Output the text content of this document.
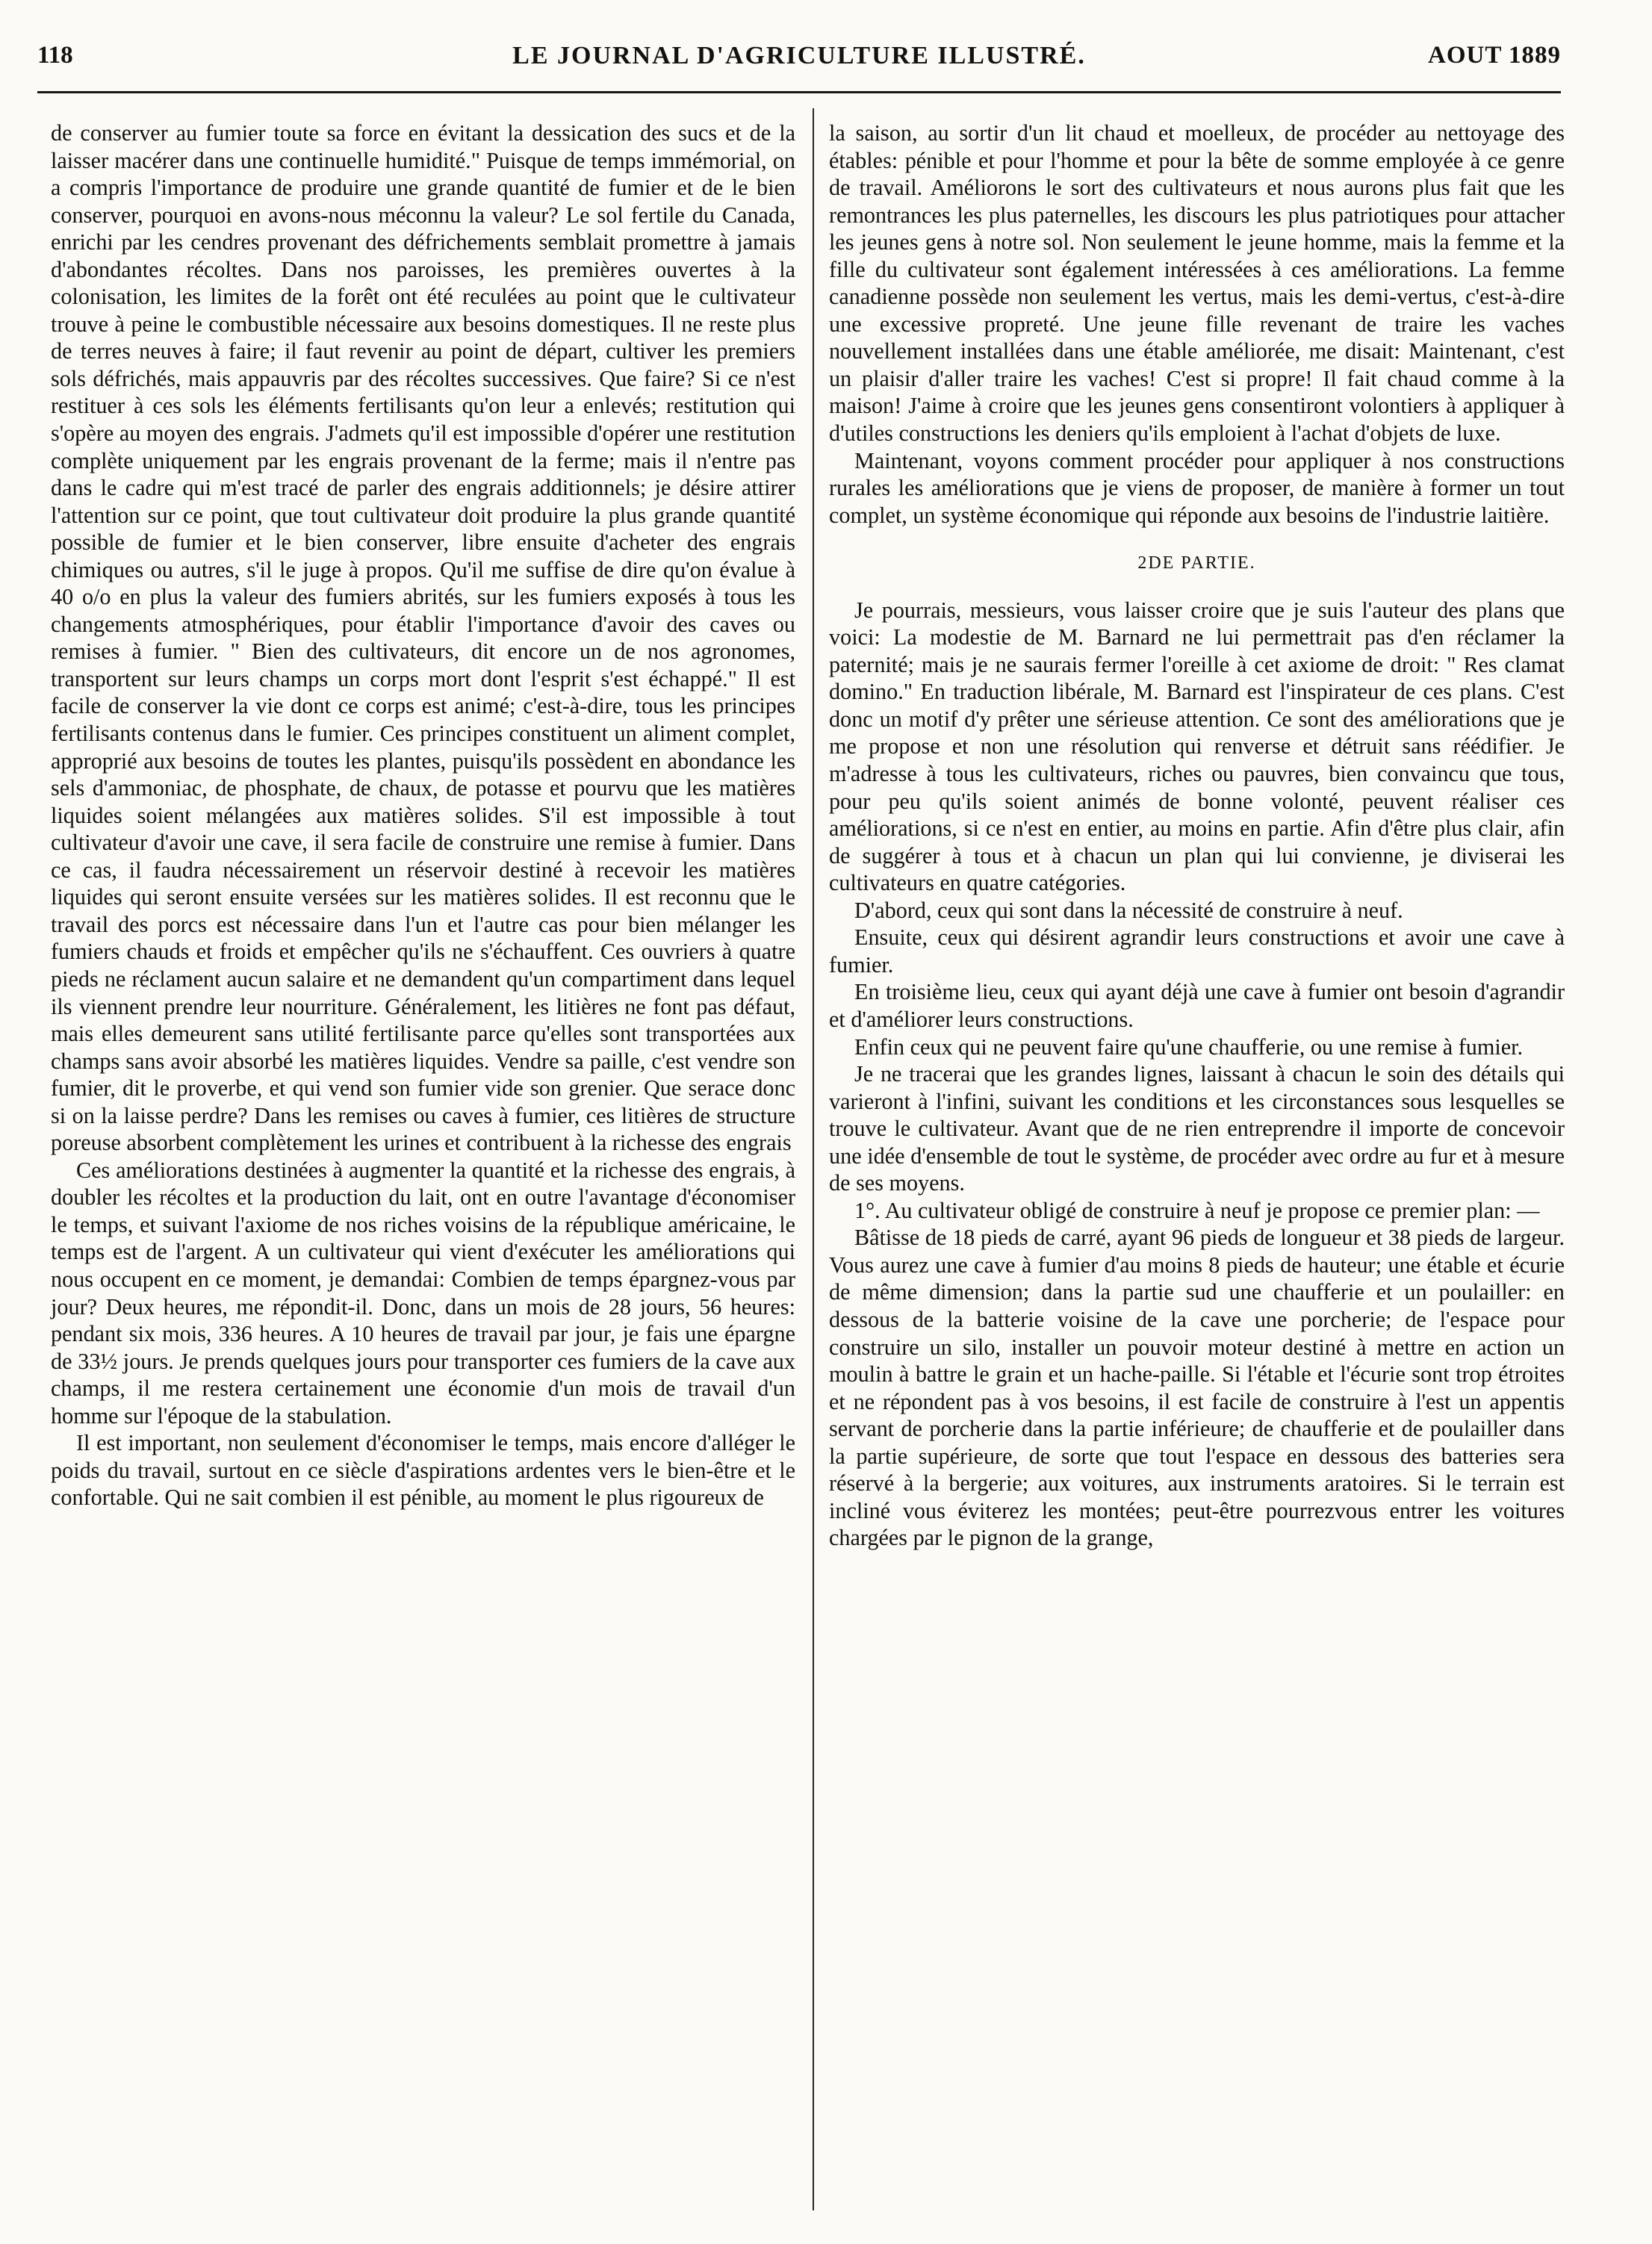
118	LE JOURNAL D'AGRICULTURE ILLUSTRÉ.	AOUT 1889

de conserver au fumier toute sa force en évitant la dessication des sucs et de la laisser macérer dans une continuelle humidité." Puisque de temps immémorial, on a compris l'importance de produire une grande quantité de fumier et de le bien conserver, pourquoi en avons-nous méconnu la valeur? Le sol fertile du Canada, enrichi par les cendres provenant des défrichements semblait promettre à jamais d'abondantes récoltes. Dans nos paroisses, les premières ouvertes à la colonisation, les limites de la forêt ont été reculées au point que le cultivateur trouve à peine le combustible nécessaire aux besoins domestiques. Il ne reste plus de terres neuves à faire; il faut revenir au point de départ, cultiver les premiers sols défrichés, mais appauvris par des récoltes successives. Que faire? Si ce n'est restituer à ces sols les éléments fertilisants qu'on leur a enlevés; restitution qui s'opère au moyen des engrais. J'admets qu'il est impossible d'opérer une restitution complète uniquement par les engrais provenant de la ferme; mais il n'entre pas dans le cadre qui m'est tracé de parler des engrais additionnels; je désire attirer l'attention sur ce point, que tout cultivateur doit produire la plus grande quantité possible de fumier et le bien conserver, libre ensuite d'acheter des engrais chimiques ou autres, s'il le juge à propos. Qu'il me suffise de dire qu'on évalue à 40 o/o en plus la valeur des fumiers abrités, sur les fumiers exposés à tous les changements atmosphériques, pour établir l'importance d'avoir des caves ou remises à fumier. " Bien des cultivateurs, dit encore un de nos agronomes, transportent sur leurs champs un corps mort dont l'esprit s'est échappé." Il est facile de conserver la vie dont ce corps est animé; c'est-à-dire, tous les principes fertilisants contenus dans le fumier. Ces principes constituent un aliment complet, approprié aux besoins de toutes les plantes, puisqu'ils possèdent en abondance les sels d'ammoniac, de phosphate, de chaux, de potasse et pourvu que les matières liquides soient mélangées aux matières solides. S'il est impossible à tout cultivateur d'avoir une cave, il sera facile de construire une remise à fumier. Dans ce cas, il faudra nécessairement un réservoir destiné à recevoir les matières liquides qui seront ensuite versées sur les matières solides. Il est reconnu que le travail des porcs est nécessaire dans l'un et l'autre cas pour bien mélanger les fumiers chauds et froids et empêcher qu'ils ne s'échauffent. Ces ouvriers à quatre pieds ne réclament aucun salaire et ne demandent qu'un compartiment dans lequel ils viennent prendre leur nourriture. Généralement, les litières ne font pas défaut, mais elles demeurent sans utilité fertilisante parce qu'elles sont transportées aux champs sans avoir absorbé les matières liquides. Vendre sa paille, c'est vendre son fumier, dit le proverbe, et qui vend son fumier vide son grenier. Que serace donc si on la laisse perdre? Dans les remises ou caves à fumier, ces litières de structure poreuse absorbent complètement les urines et contribuent à la richesse des engrais

Ces améliorations destinées à augmenter la quantité et la richesse des engrais, à doubler les récoltes et la production du lait, ont en outre l'avantage d'économiser le temps, et suivant l'axiome de nos riches voisins de la république américaine, le temps est de l'argent. A un cultivateur qui vient d'exécuter les améliorations qui nous occupent en ce moment, je demandai: Combien de temps épargnez-vous par jour? Deux heures, me répondit-il. Donc, dans un mois de 28 jours, 56 heures: pendant six mois, 336 heures. A 10 heures de travail par jour, je fais une épargne de 33½ jours. Je prends quelques jours pour transporter ces fumiers de la cave aux champs, il me restera certainement une économie d'un mois de travail d'un homme sur l'époque de la stabulation.

Il est important, non seulement d'économiser le temps, mais encore d'alléger le poids du travail, surtout en ce siècle d'aspirations ardentes vers le bien-être et le confortable. Qui ne sait combien il est pénible, au moment le plus rigoureux de

la saison, au sortir d'un lit chaud et moelleux, de procéder au nettoyage des étables: pénible et pour l'homme et pour la bête de somme employée à ce genre de travail. Améliorons le sort des cultivateurs et nous aurons plus fait que les remontrances les plus paternelles, les discours les plus patriotiques pour attacher les jeunes gens à notre sol. Non seulement le jeune homme, mais la femme et la fille du cultivateur sont également intéressées à ces améliorations. La femme canadienne possède non seulement les vertus, mais les demi-vertus, c'est-à-dire une excessive propreté. Une jeune fille revenant de traire les vaches nouvellement installées dans une étable améliorée, me disait: Maintenant, c'est un plaisir d'aller traire les vaches! C'est si propre! Il fait chaud comme à la maison! J'aime à croire que les jeunes gens consentiront volontiers à appliquer à d'utiles constructions les deniers qu'ils emploient à l'achat d'objets de luxe.

Maintenant, voyons comment procéder pour appliquer à nos constructions rurales les améliorations que je viens de proposer, de manière à former un tout complet, un système économique qui réponde aux besoins de l'industrie laitière.

2DE PARTIE.

Je pourrais, messieurs, vous laisser croire que je suis l'auteur des plans que voici: La modestie de M. Barnard ne lui permettrait pas d'en réclamer la paternité; mais je ne saurais fermer l'oreille à cet axiome de droit: " Res clamat domino." En traduction libérale, M. Barnard est l'inspirateur de ces plans. C'est donc un motif d'y prêter une sérieuse attention. Ce sont des améliorations que je me propose et non une résolution qui renverse et détruit sans réédifier. Je m'adresse à tous les cultivateurs, riches ou pauvres, bien convaincu que tous, pour peu qu'ils soient animés de bonne volonté, peuvent réaliser ces améliorations, si ce n'est en entier, au moins en partie. Afin d'être plus clair, afin de suggérer à tous et à chacun un plan qui lui convienne, je diviserai les cultivateurs en quatre catégories.

D'abord, ceux qui sont dans la nécessité de construire à neuf.

Ensuite, ceux qui désirent agrandir leurs constructions et avoir une cave à fumier.

En troisième lieu, ceux qui ayant déjà une cave à fumier ont besoin d'agrandir et d'améliorer leurs constructions.

Enfin ceux qui ne peuvent faire qu'une chaufferie, ou une remise à fumier.

Je ne tracerai que les grandes lignes, laissant à chacun le soin des détails qui varieront à l'infini, suivant les conditions et les circonstances sous lesquelles se trouve le cultivateur. Avant que de ne rien entreprendre il importe de concevoir une idée d'ensemble de tout le système, de procéder avec ordre au fur et à mesure de ses moyens.

1°. Au cultivateur obligé de construire à neuf je propose ce premier plan: —

Bâtisse de 18 pieds de carré, ayant 96 pieds de longueur et 38 pieds de largeur. Vous aurez une cave à fumier d'au moins 8 pieds de hauteur; une étable et écurie de même dimension; dans la partie sud une chaufferie et un poulailler: en dessous de la batterie voisine de la cave une porcherie; de l'espace pour construire un silo, installer un pouvoir moteur destiné à mettre en action un moulin à battre le grain et un hache-paille. Si l'étable et l'écurie sont trop étroites et ne répondent pas à vos besoins, il est facile de construire à l'est un appentis servant de porcherie dans la partie inférieure; de chaufferie et de poulailler dans la partie supérieure, de sorte que tout l'espace en dessous des batteries sera réservé à la bergerie; aux voitures, aux instruments aratoires. Si le terrain est incliné vous éviterez les montées; peut-être pourrezvous entrer les voitures chargées par le pignon de la grange,
